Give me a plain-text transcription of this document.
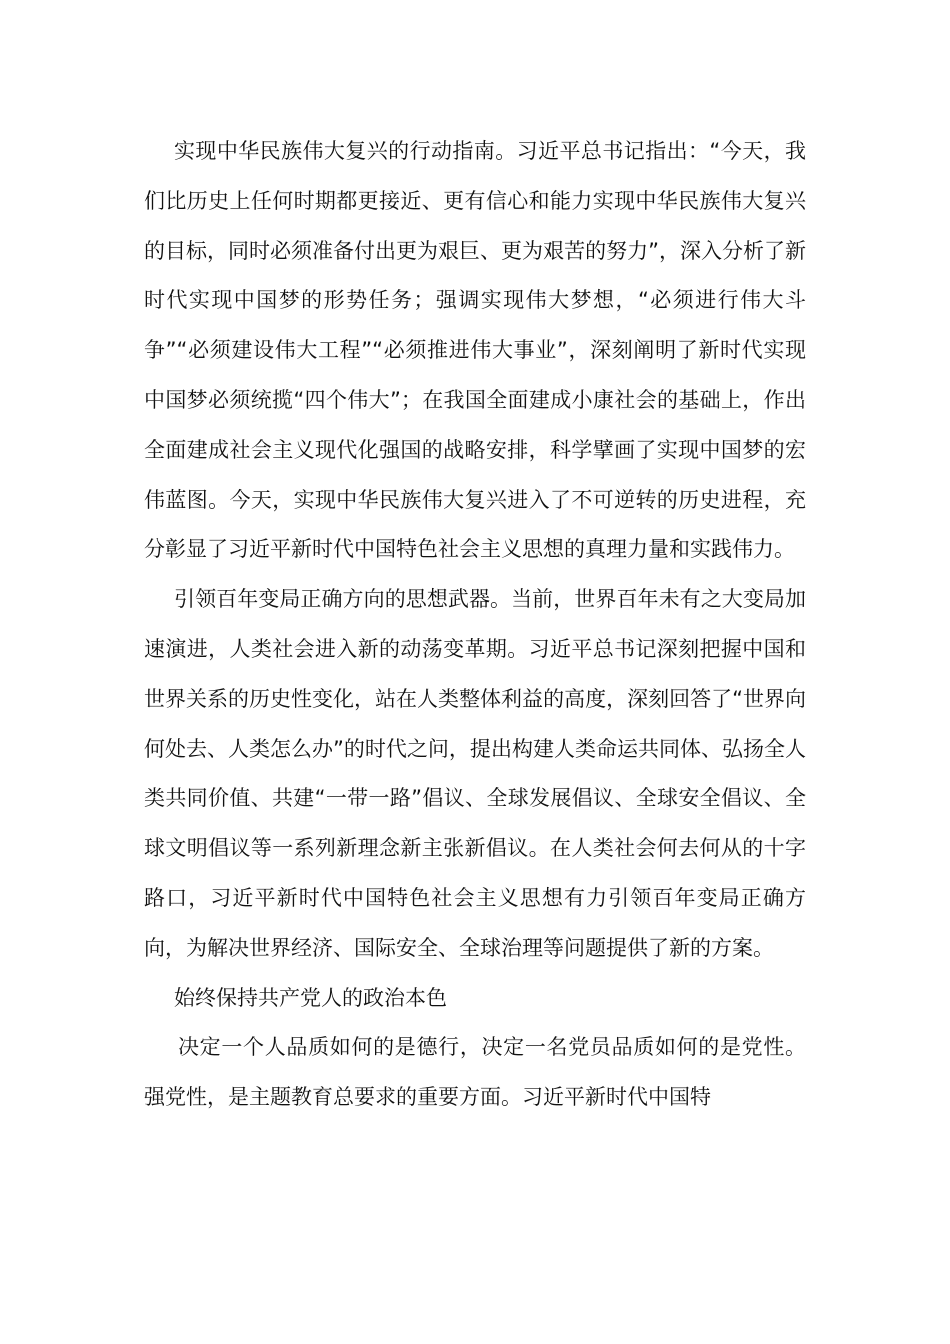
实现中华民族伟大复兴的行动指南。习近平总书记指出：“今天，我们比历史上任何时期都更接近、更有信心和能力实现中华民族伟大复兴的目标，同时必须准备付出更为艰巨、更为艰苦的努力”，深入分析了新时代实现中国梦的形势任务；强调实现伟大梦想，“必须进行伟大斗争”“必须建设伟大工程”“必须推进伟大事业”，深刻阐明了新时代实现中国梦必须统揽“四个伟大”；在我国全面建成小康社会的基础上，作出全面建成社会主义现代化强国的战略安排，科学擘画了实现中国梦的宏伟蓝图。今天，实现中华民族伟大复兴进入了不可逆转的历史进程，充分彰显了习近平新时代中国特色社会主义思想的真理力量和实践伟力。

引领百年变局正确方向的思想武器。当前，世界百年未有之大变局加速演进，人类社会进入新的动荡变革期。习近平总书记深刻把握中国和世界关系的历史性变化，站在人类整体利益的高度，深刻回答了“世界向何处去、人类怎么办”的时代之问，提出构建人类命运共同体、弘扬全人类共同价值、共建“一带一路”倡议、全球发展倡议、全球安全倡议、全球文明倡议等一系列新理念新主张新倡议。在人类社会何去何从的十字路口，习近平新时代中国特色社会主义思想有力引领百年变局正确方向，为解决世界经济、国际安全、全球治理等问题提供了新的方案。

始终保持共产党人的政治本色

决定一个人品质如何的是德行，决定一名党员品质如何的是党性。强党性，是主题教育总要求的重要方面。习近平新时代中国特
